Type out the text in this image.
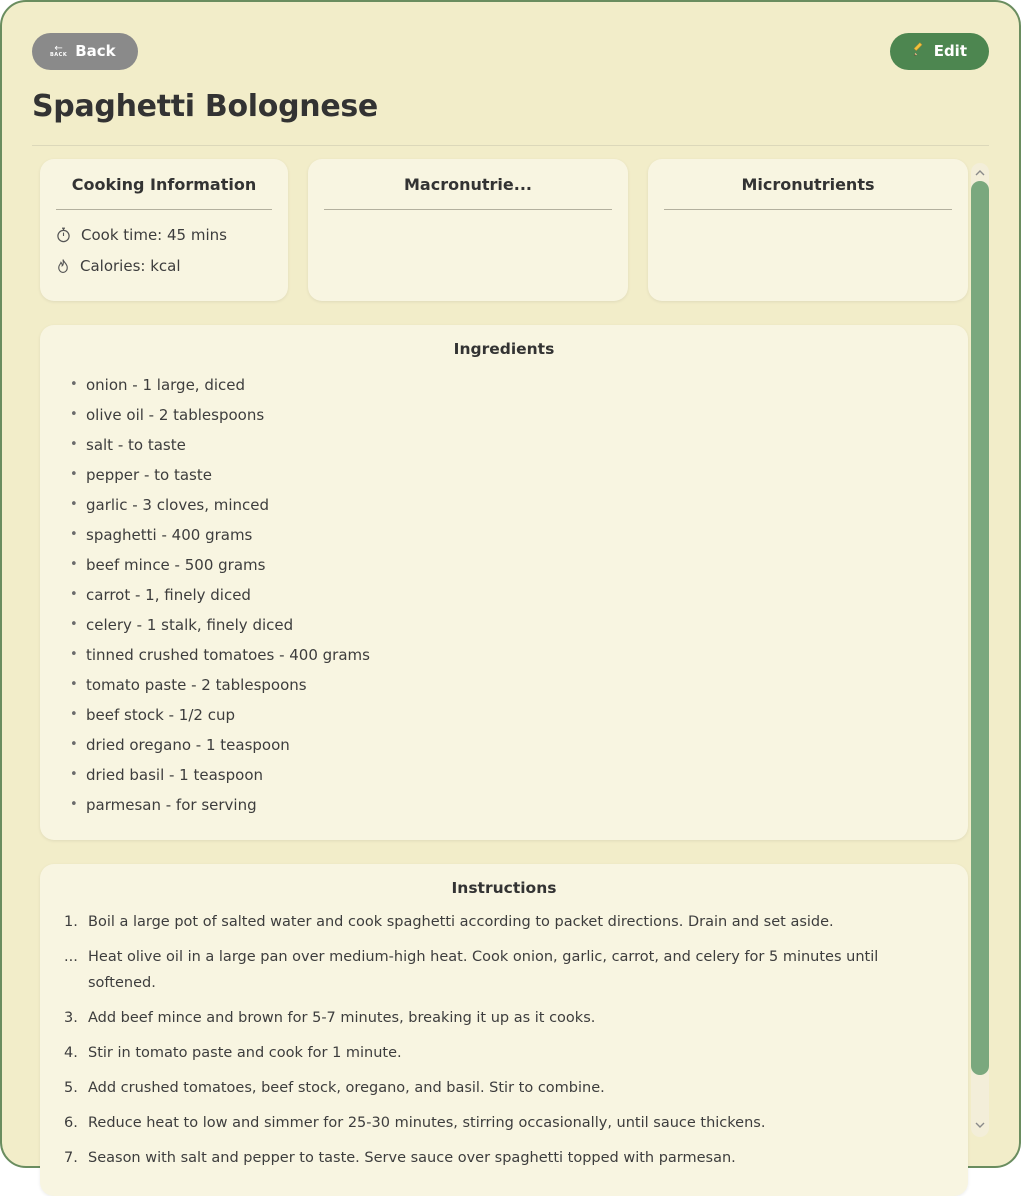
←
BACK Back	Edit
Spaghetti Bolognese
Cooking Information
Cook time: 45 mins
Calories: kcal
Macronutrie...	Micronutrients
Ingredients
• onion - 1 large, diced
• olive oil - 2 tablespoons
• salt - to taste
• pepper - to taste
• garlic - 3 cloves, minced
• spaghetti - 400 grams
• beef mince - 500 grams
• carrot - 1, finely diced
• celery - 1 stalk, finely diced
• tinned crushed tomatoes - 400 grams
• tomato paste - 2 tablespoons
• beef stock - 1/2 cup
• dried oregano - 1 teaspoon
• dried basil - 1 teaspoon
• parmesan - for serving
Instructions
1. Boil a large pot of salted water and cook spaghetti according to packet directions. Drain and set aside.
... Heat olive oil in a large pan over medium-high heat. Cook onion, garlic, carrot, and celery for 5 minutes until softened.
3. Add beef mince and brown for 5-7 minutes, breaking it up as it cooks.
4. Stir in tomato paste and cook for 1 minute.
5. Add crushed tomatoes, beef stock, oregano, and basil. Stir to combine.
6. Reduce heat to low and simmer for 25-30 minutes, stirring occasionally, until sauce thickens.
7. Season with salt and pepper to taste. Serve sauce over spaghetti topped with parmesan.
